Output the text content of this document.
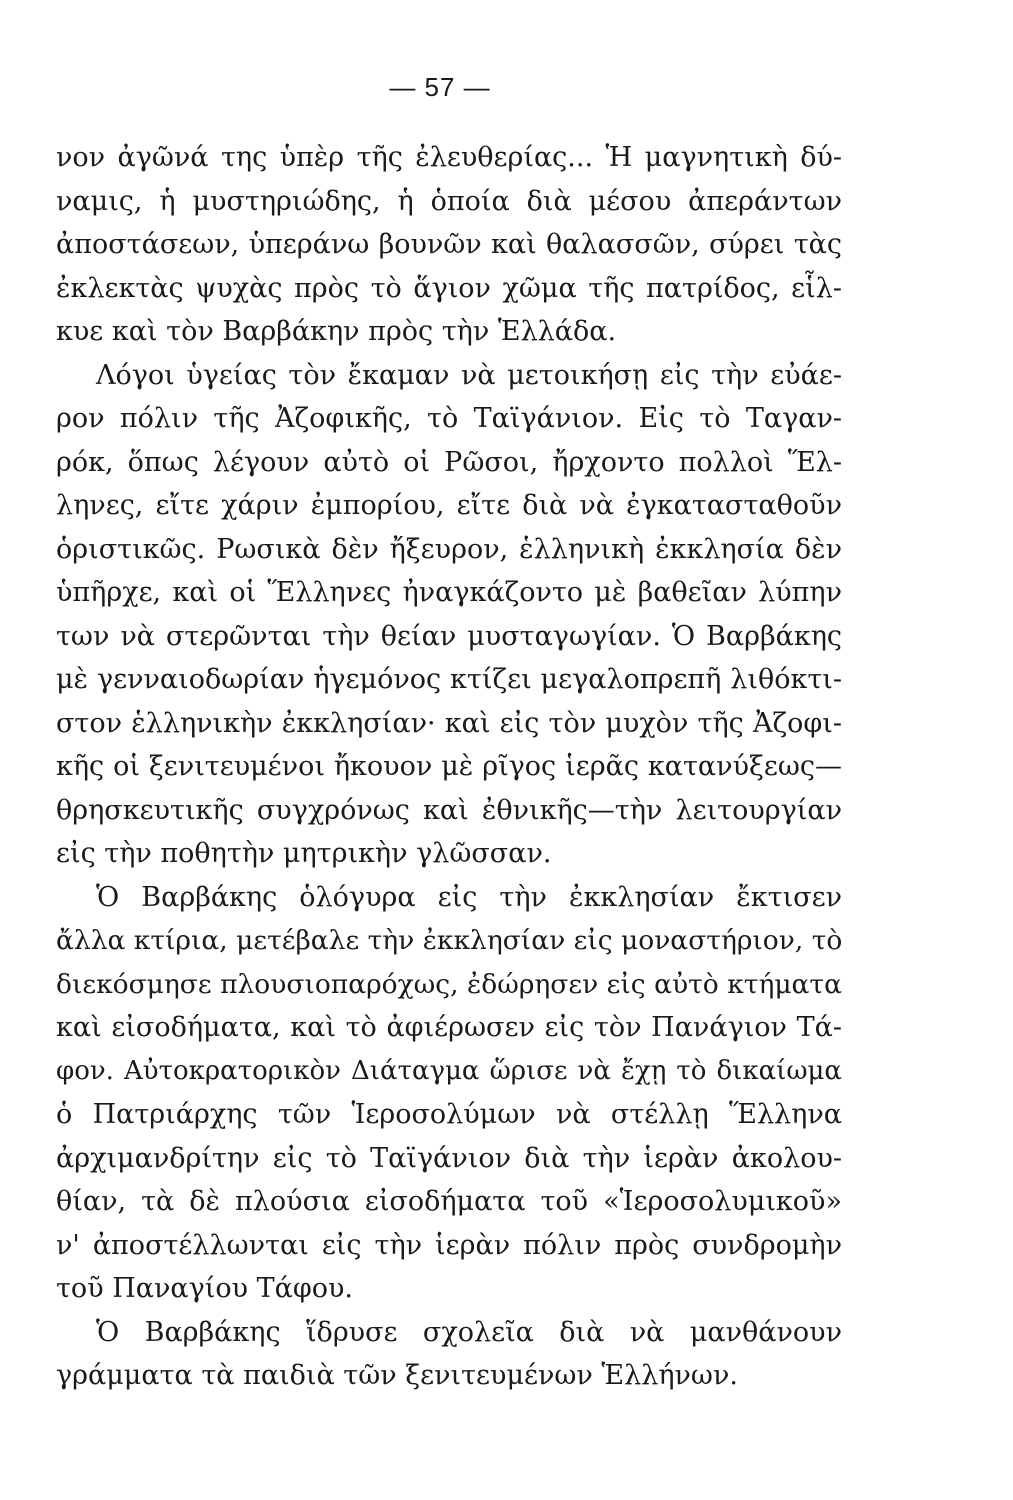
— 57 —
νον ἀγῶνά της ὑπὲρ τῆς ἐλευθερίας... Ἡ μαγνητικὴ δύ-
ναμις, ἡ μυστηριώδης, ἡ ὁποία διὰ μέσου ἀπεράντων
ἀποστάσεων, ὑπεράνω βουνῶν καὶ θαλασσῶν, σύρει τὰς
ἐκλεκτὰς ψυχὰς πρὸς τὸ ἅγιον χῶμα τῆς πατρίδος, εἷλ-
κυε καὶ τὸν Βαρβάκην πρὸς τὴν Ἑλλάδα.
Λόγοι ὑγείας τὸν ἔκαμαν νὰ μετοικήσῃ εἰς τὴν εὐάε-
ρον πόλιν τῆς Ἀζοφικῆς, τὸ Ταϊγάνιον. Εἰς τὸ Ταγαν-
ρόκ, ὅπως λέγουν αὐτὸ οἱ Ρῶσοι, ἤρχοντο πολλοὶ Ἕλ-
ληνες, εἴτε χάριν ἐμπορίου, εἴτε διὰ νὰ ἐγκατασταθοῦν
ὁριστικῶς. Ρωσικὰ δὲν ἤξευρον, ἑλληνικὴ ἐκκλησία δὲν
ὑπῆρχε, καὶ οἱ Ἕλληνες ἠναγκάζοντο μὲ βαθεῖαν λύπην
των νὰ στερῶνται τὴν θείαν μυσταγωγίαν. Ὁ Βαρβάκης
μὲ γενναιοδωρίαν ἡγεμόνος κτίζει μεγαλοπρεπῆ λιθόκτι-
στον ἑλληνικὴν ἐκκλησίαν· καὶ εἰς τὸν μυχὸν τῆς Ἀζοφι-
κῆς οἱ ξενιτευμένοι ἤκουον μὲ ρῖγος ἱερᾶς κατανύξεως—
θρησκευτικῆς συγχρόνως καὶ ἐθνικῆς—τὴν λειτουργίαν
εἰς τὴν ποθητὴν μητρικὴν γλῶσσαν.
Ὁ Βαρβάκης ὁλόγυρα εἰς τὴν ἐκκλησίαν ἔκτισεν
ἄλλα κτίρια, μετέβαλε τὴν ἐκκλησίαν εἰς μοναστήριον, τὸ
διεκόσμησε πλουσιοπαρόχως, ἐδώρησεν εἰς αὐτὸ κτήματα
καὶ εἰσοδήματα, καὶ τὸ ἀφιέρωσεν εἰς τὸν Πανάγιον Τά-
φον. Αὐτοκρατορικὸν Διάταγμα ὥρισε νὰ ἔχῃ τὸ δικαίωμα
ὁ Πατριάρχης τῶν Ἱεροσολύμων νὰ στέλλῃ Ἕλληνα
ἀρχιμανδρίτην εἰς τὸ Ταϊγάνιον διὰ τὴν ἱερὰν ἀκολου-
θίαν, τὰ δὲ πλούσια εἰσοδήματα τοῦ «Ἱεροσολυμικοῦ»
ν' ἀποστέλλωνται εἰς τὴν ἱερὰν πόλιν πρὸς συνδρομὴν
τοῦ Παναγίου Τάφου.
Ὁ Βαρβάκης ἵδρυσε σχολεῖα διὰ νὰ μανθάνουν
γράμματα τὰ παιδιὰ τῶν ξενιτευμένων Ἑλλήνων.
